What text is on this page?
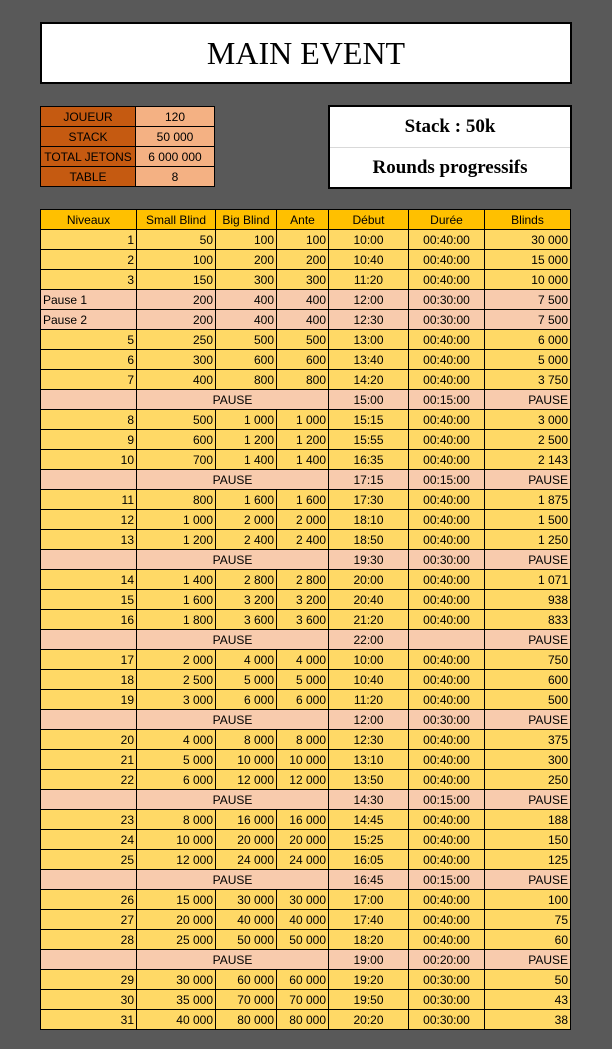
MAIN EVENT
JOUEUR	120
STACK	50 000
TOTAL JETONS	6 000 000
TABLE	8
Stack : 50k
Rounds progressifs
Niveaux	Small Blind	Big Blind	Ante	Début	Durée	Blinds
1	50	100	100	10:00	00:40:00	30 000
2	100	200	200	10:40	00:40:00	15 000
3	150	300	300	11:20	00:40:00	10 000
Pause 1	200	400	400	12:00	00:30:00	7 500
Pause 2	200	400	400	12:30	00:30:00	7 500
5	250	500	500	13:00	00:40:00	6 000
6	300	600	600	13:40	00:40:00	5 000
7	400	800	800	14:20	00:40:00	3 750
	PAUSE			15:00	00:15:00	PAUSE
8	500	1 000	1 000	15:15	00:40:00	3 000
9	600	1 200	1 200	15:55	00:40:00	2 500
10	700	1 400	1 400	16:35	00:40:00	2 143
	PAUSE			17:15	00:15:00	PAUSE
11	800	1 600	1 600	17:30	00:40:00	1 875
12	1 000	2 000	2 000	18:10	00:40:00	1 500
13	1 200	2 400	2 400	18:50	00:40:00	1 250
	PAUSE			19:30	00:30:00	PAUSE
14	1 400	2 800	2 800	20:00	00:40:00	1 071
15	1 600	3 200	3 200	20:40	00:40:00	938
16	1 800	3 600	3 600	21:20	00:40:00	833
	PAUSE			22:00		PAUSE
17	2 000	4 000	4 000	10:00	00:40:00	750
18	2 500	5 000	5 000	10:40	00:40:00	600
19	3 000	6 000	6 000	11:20	00:40:00	500
	PAUSE			12:00	00:30:00	PAUSE
20	4 000	8 000	8 000	12:30	00:40:00	375
21	5 000	10 000	10 000	13:10	00:40:00	300
22	6 000	12 000	12 000	13:50	00:40:00	250
	PAUSE			14:30	00:15:00	PAUSE
23	8 000	16 000	16 000	14:45	00:40:00	188
24	10 000	20 000	20 000	15:25	00:40:00	150
25	12 000	24 000	24 000	16:05	00:40:00	125
	PAUSE			16:45	00:15:00	PAUSE
26	15 000	30 000	30 000	17:00	00:40:00	100
27	20 000	40 000	40 000	17:40	00:40:00	75
28	25 000	50 000	50 000	18:20	00:40:00	60
	PAUSE			19:00	00:20:00	PAUSE
29	30 000	60 000	60 000	19:20	00:30:00	50
30	35 000	70 000	70 000	19:50	00:30:00	43
31	40 000	80 000	80 000	20:20	00:30:00	38
